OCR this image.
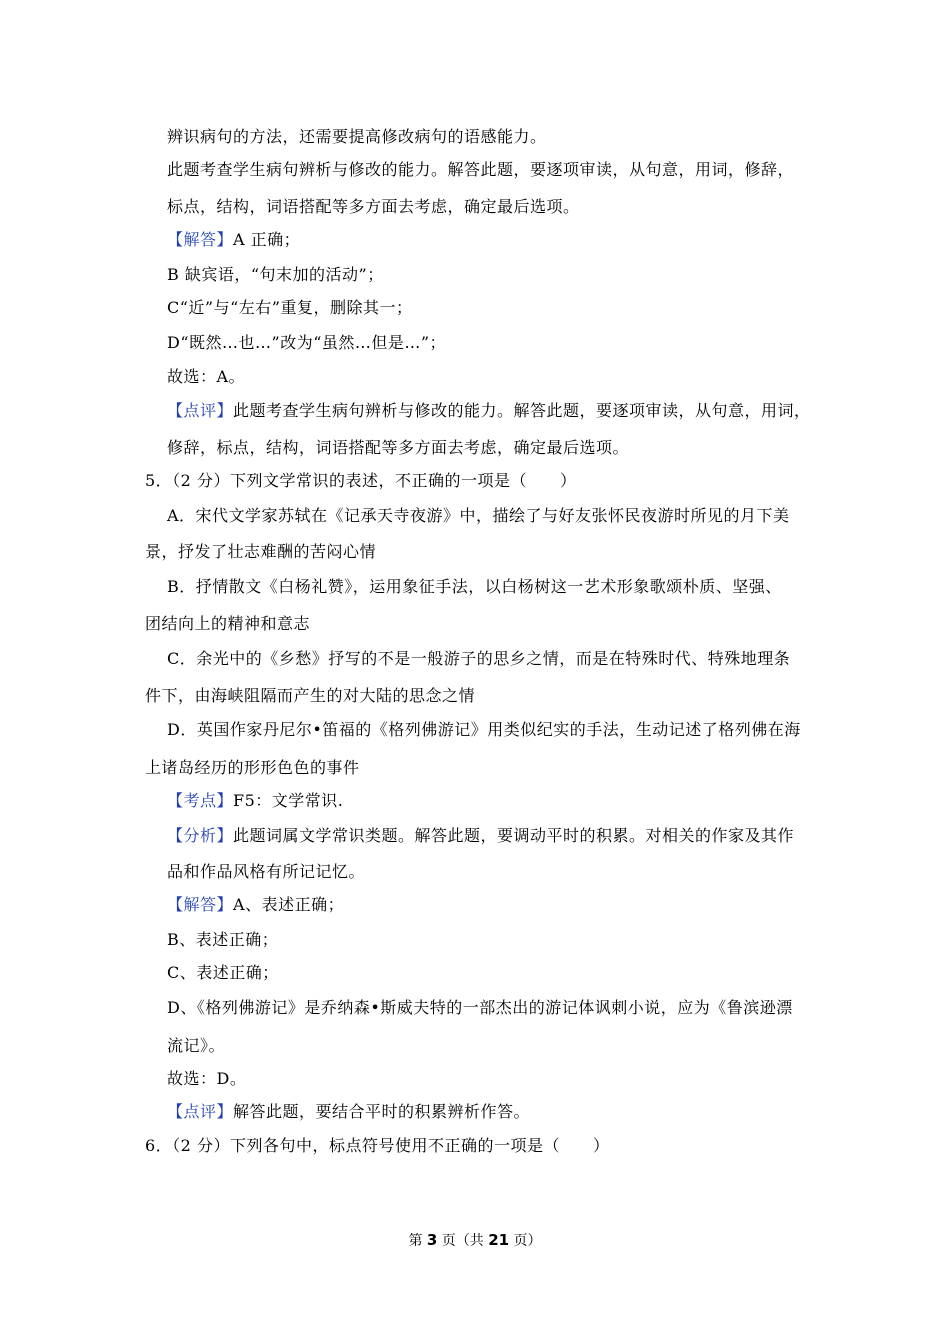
辨识病句的方法，还需要提高修改病句的语感能力。
此题考查学生病句辨析与修改的能力。解答此题，要逐项审读，从句意，用词，修辞，
标点，结构，词语搭配等多方面去考虑，确定最后选项。
【解答】A 正确；
B 缺宾语，“句末加的活动”；
C“近”与“左右”重复，删除其一；
D“既然…也…”改为“虽然…但是…”；
故选：A。
【点评】此题考查学生病句辨析与修改的能力。解答此题，要逐项审读，从句意，用词，
修辞，标点，结构，词语搭配等多方面去考虑，确定最后选项。
5．（2 分）下列文学常识的表述，不正确的一项是（　　）
A．宋代文学家苏轼在《记承天寺夜游》中，描绘了与好友张怀民夜游时所见的月下美
景，抒发了壮志难酬的苦闷心情
B．抒情散文《白杨礼赞》，运用象征手法，以白杨树这一艺术形象歌颂朴质、坚强、
团结向上的精神和意志
C．余光中的《乡愁》抒写的不是一般游子的思乡之情，而是在特殊时代、特殊地理条
件下，由海峡阻隔而产生的对大陆的思念之情
D．英国作家丹尼尔•笛福的《格列佛游记》用类似纪实的手法，生动记述了格列佛在海
上诸岛经历的形形色色的事件
【考点】F5：文学常识.
【分析】此题词属文学常识类题。解答此题，要调动平时的积累。对相关的作家及其作
品和作品风格有所记记忆。
【解答】A、表述正确；
B、表述正确；
C、表述正确；
D、《格列佛游记》是乔纳森•斯威夫特的一部杰出的游记体讽刺小说，应为《鲁滨逊漂
流记》。
故选：D。
【点评】解答此题，要结合平时的积累辨析作答。
6．（2 分）下列各句中，标点符号使用不正确的一项是（　　）
第 3 页（共 21 页）
